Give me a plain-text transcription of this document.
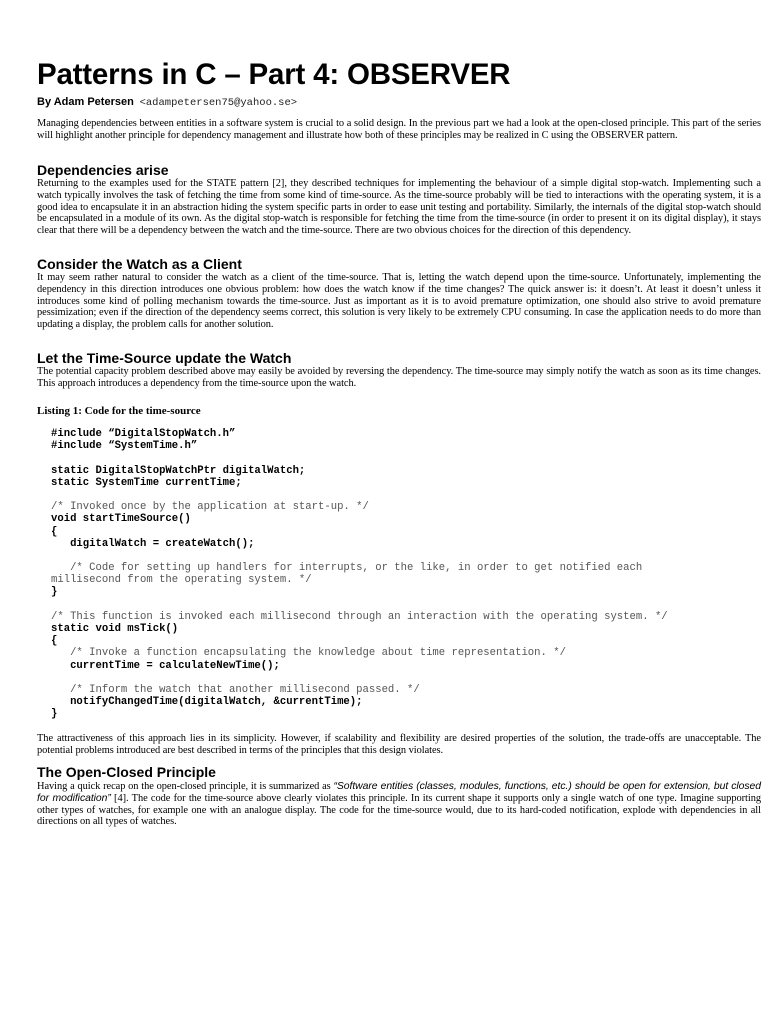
Patterns in C – Part 4: OBSERVER
By Adam Petersen <adampetersen75@yahoo.se>

Managing dependencies between entities in a software system is crucial to a solid design. In the previous part we had a look at the open-closed principle. This part of the series will highlight another principle for dependency management and illustrate how both of these principles may be realized in C using the OBSERVER pattern.

Dependencies arise

Returning to the examples used for the STATE pattern [2], they described techniques for implementing the behaviour of a simple digital stop-watch. Implementing such a watch typically involves the task of fetching the time from some kind of time-source. As the time-source probably will be tied to interactions with the operating system, it is a good idea to encapsulate it in an abstraction hiding the system specific parts in order to ease unit testing and portability. Similarly, the internals of the digital stop-watch should be encapsulated in a module of its own. As the digital stop-watch is responsible for fetching the time from the time-source (in order to present it on its digital display), it stays clear that there will be a dependency between the watch and the time-source. There are two obvious choices for the direction of this dependency.

Consider the Watch as a Client

It may seem rather natural to consider the watch as a client of the time-source. That is, letting the watch depend upon the time-source. Unfortunately, implementing the dependency in this direction introduces one obvious problem: how does the watch know if the time changes? The quick answer is: it doesn’t. At least it doesn’t unless it introduces some kind of polling mechanism towards the time-source. Just as important as it is to avoid premature optimization, one should also strive to avoid premature pessimization; even if the direction of the dependency seems correct, this solution is very likely to be extremely CPU consuming. In case the application needs to do more than updating a display, the problem calls for another solution.

Let the Time-Source update the Watch

The potential capacity problem described above may easily be avoided by reversing the dependency. The time-source may simply notify the watch as soon as its time changes. This approach introduces a dependency from the time-source upon the watch.

Listing 1: Code for the time-source

#include “DigitalStopWatch.h”
#include “SystemTime.h”
static DigitalStopWatchPtr digitalWatch;
static SystemTime currentTime;
/* Invoked once by the application at start-up. */
void startTimeSource()
{
digitalWatch = createWatch();
/* Code for setting up handlers for interrupts, or the like, in order to get notified each
millisecond from the operating system. */
}
/* This function is invoked each millisecond through an interaction with the operating system. */
static void msTick()
{
/* Invoke a function encapsulating the knowledge about time representation. */
currentTime = calculateNewTime();
/* Inform the watch that another millisecond passed. */
notifyChangedTime(digitalWatch, &currentTime);
}

The attractiveness of this approach lies in its simplicity. However, if scalability and flexibility are desired properties of the solution, the trade-offs are unacceptable. The potential problems introduced are best described in terms of the principles that this design violates.

The Open-Closed Principle

Having a quick recap on the open-closed principle, it is summarized as “Software entities (classes, modules, functions, etc.) should be open for extension, but closed for modification” [4]. The code for the time-source above clearly violates this principle. In its current shape it supports only a single watch of one type. Imagine supporting other types of watches, for example one with an analogue display. The code for the time-source would, due to its hard-coded notification, explode with dependencies in all directions on all types of watches.
